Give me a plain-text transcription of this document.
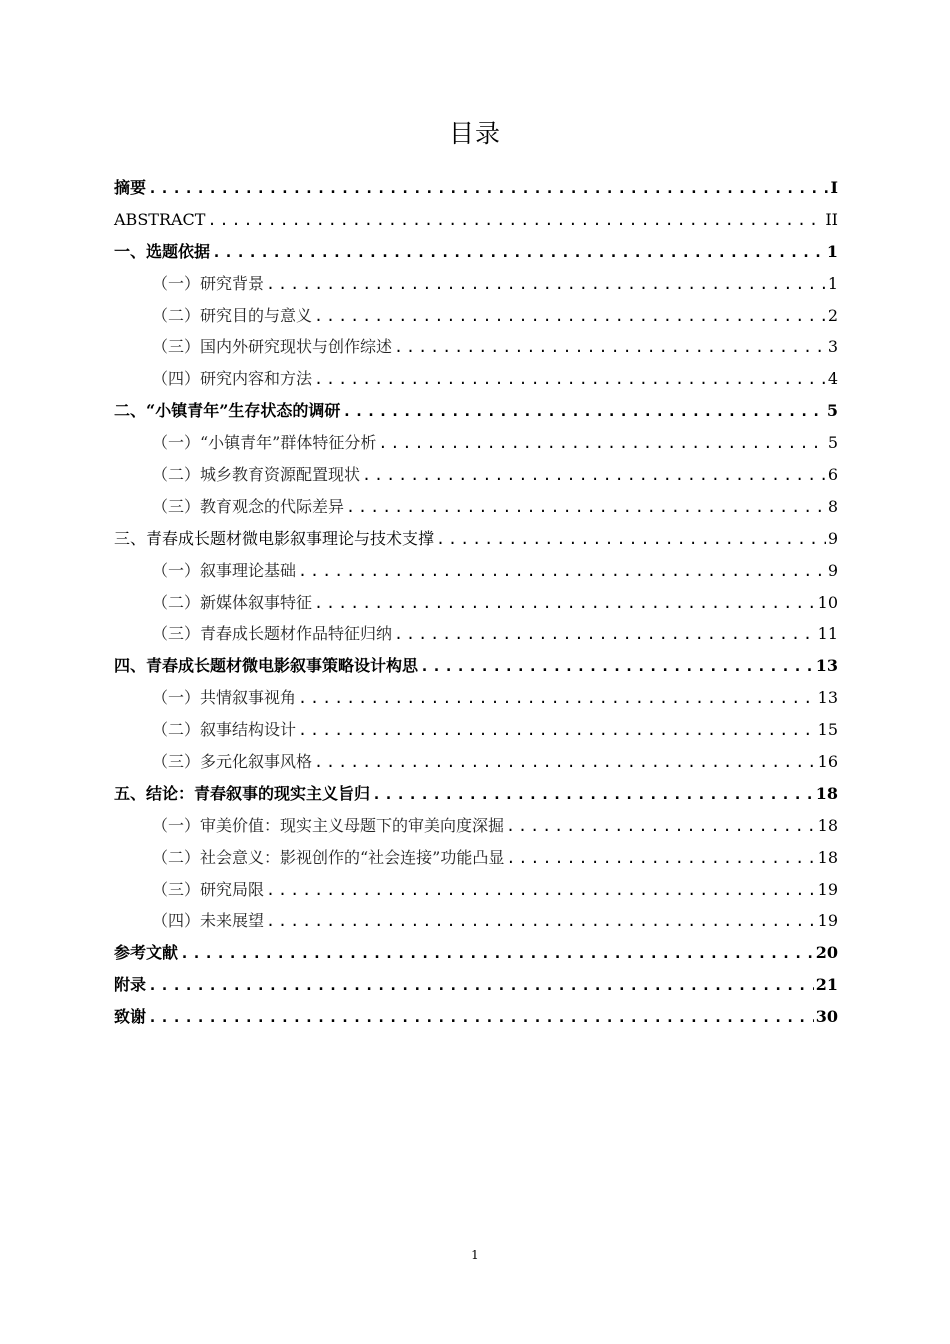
目录
摘要 .....	I
ABSTRACT .....	II
一、选题依据 .....	1
（一）研究背景 .....	1
（二）研究目的与意义 .....	2
（三）国内外研究现状与创作综述 .....	3
（四）研究内容和方法 .....	4
二、“小镇青年”生存状态的调研 .....	5
（一）“小镇青年”群体特征分析 .....	5
（二）城乡教育资源配置现状 .....	6
（三）教育观念的代际差异 .....	8
三、青春成长题材微电影叙事理论与技术支撑 .....	9
（一）叙事理论基础 .....	9
（二）新媒体叙事特征 .....	10
（三）青春成长题材作品特征归纳 .....	11
四、青春成长题材微电影叙事策略设计构思 .....	13
（一）共情叙事视角 .....	13
（二）叙事结构设计 .....	15
（三）多元化叙事风格 .....	16
五、结论：青春叙事的现实主义旨归 .....	18
（一）审美价值：现实主义母题下的审美向度深掘 .....	18
（二）社会意义：影视创作的“社会连接”功能凸显 .....	18
（三）研究局限 .....	19
（四）未来展望 .....	19
参考文献 .....	20
附录 .....	21
致谢 .....	30
1
